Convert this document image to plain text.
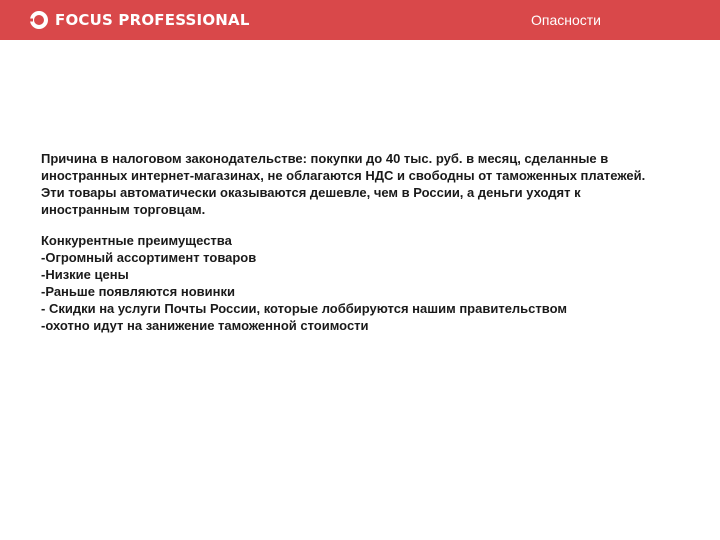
FOCUS PROFESSIONAL	Опасности

Причина в налоговом законодательстве: покупки до 40 тыс. руб. в месяц, сделанные в иностранных интернет-магазинах, не облагаются НДС и свободны от таможенных платежей. Эти товары автоматически оказываются дешевле, чем в России, а деньги уходят к иностранным торговцам.

Конкурентные преимущества
-Огромный ассортимент товаров
-Низкие цены
-Раньше появляются новинки
- Скидки на услуги Почты России, которые лоббируются нашим правительством
-охотно идут на занижение таможенной стоимости
